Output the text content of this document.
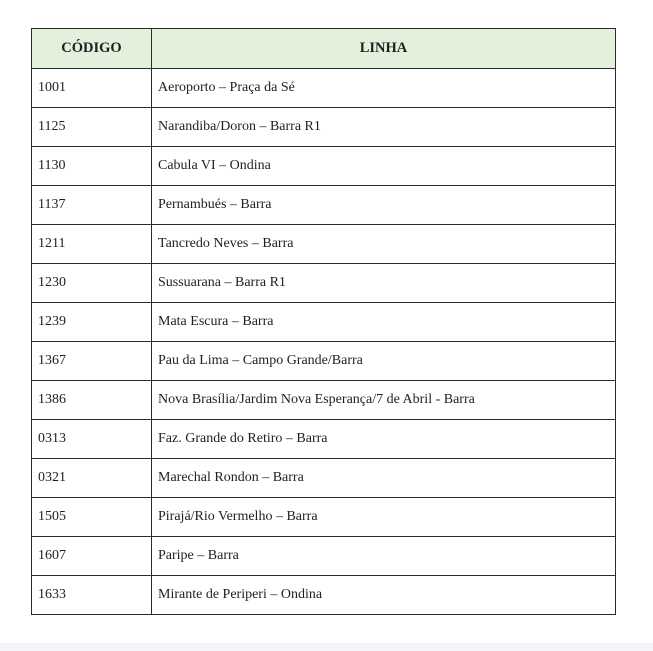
CÓDIGO	LINHA
1001	Aeroporto – Praça da Sé
1125	Narandiba/Doron – Barra R1
1130	Cabula VI – Ondina
1137	Pernambués – Barra
1211	Tancredo Neves – Barra
1230	Sussuarana – Barra R1
1239	Mata Escura – Barra
1367	Pau da Lima – Campo Grande/Barra
1386	Nova Brasília/Jardim Nova Esperança/7 de Abril - Barra
0313	Faz. Grande do Retiro – Barra
0321	Marechal Rondon – Barra
1505	Pirajá/Rio Vermelho – Barra
1607	Paripe – Barra
1633	Mirante de Periperi – Ondina
